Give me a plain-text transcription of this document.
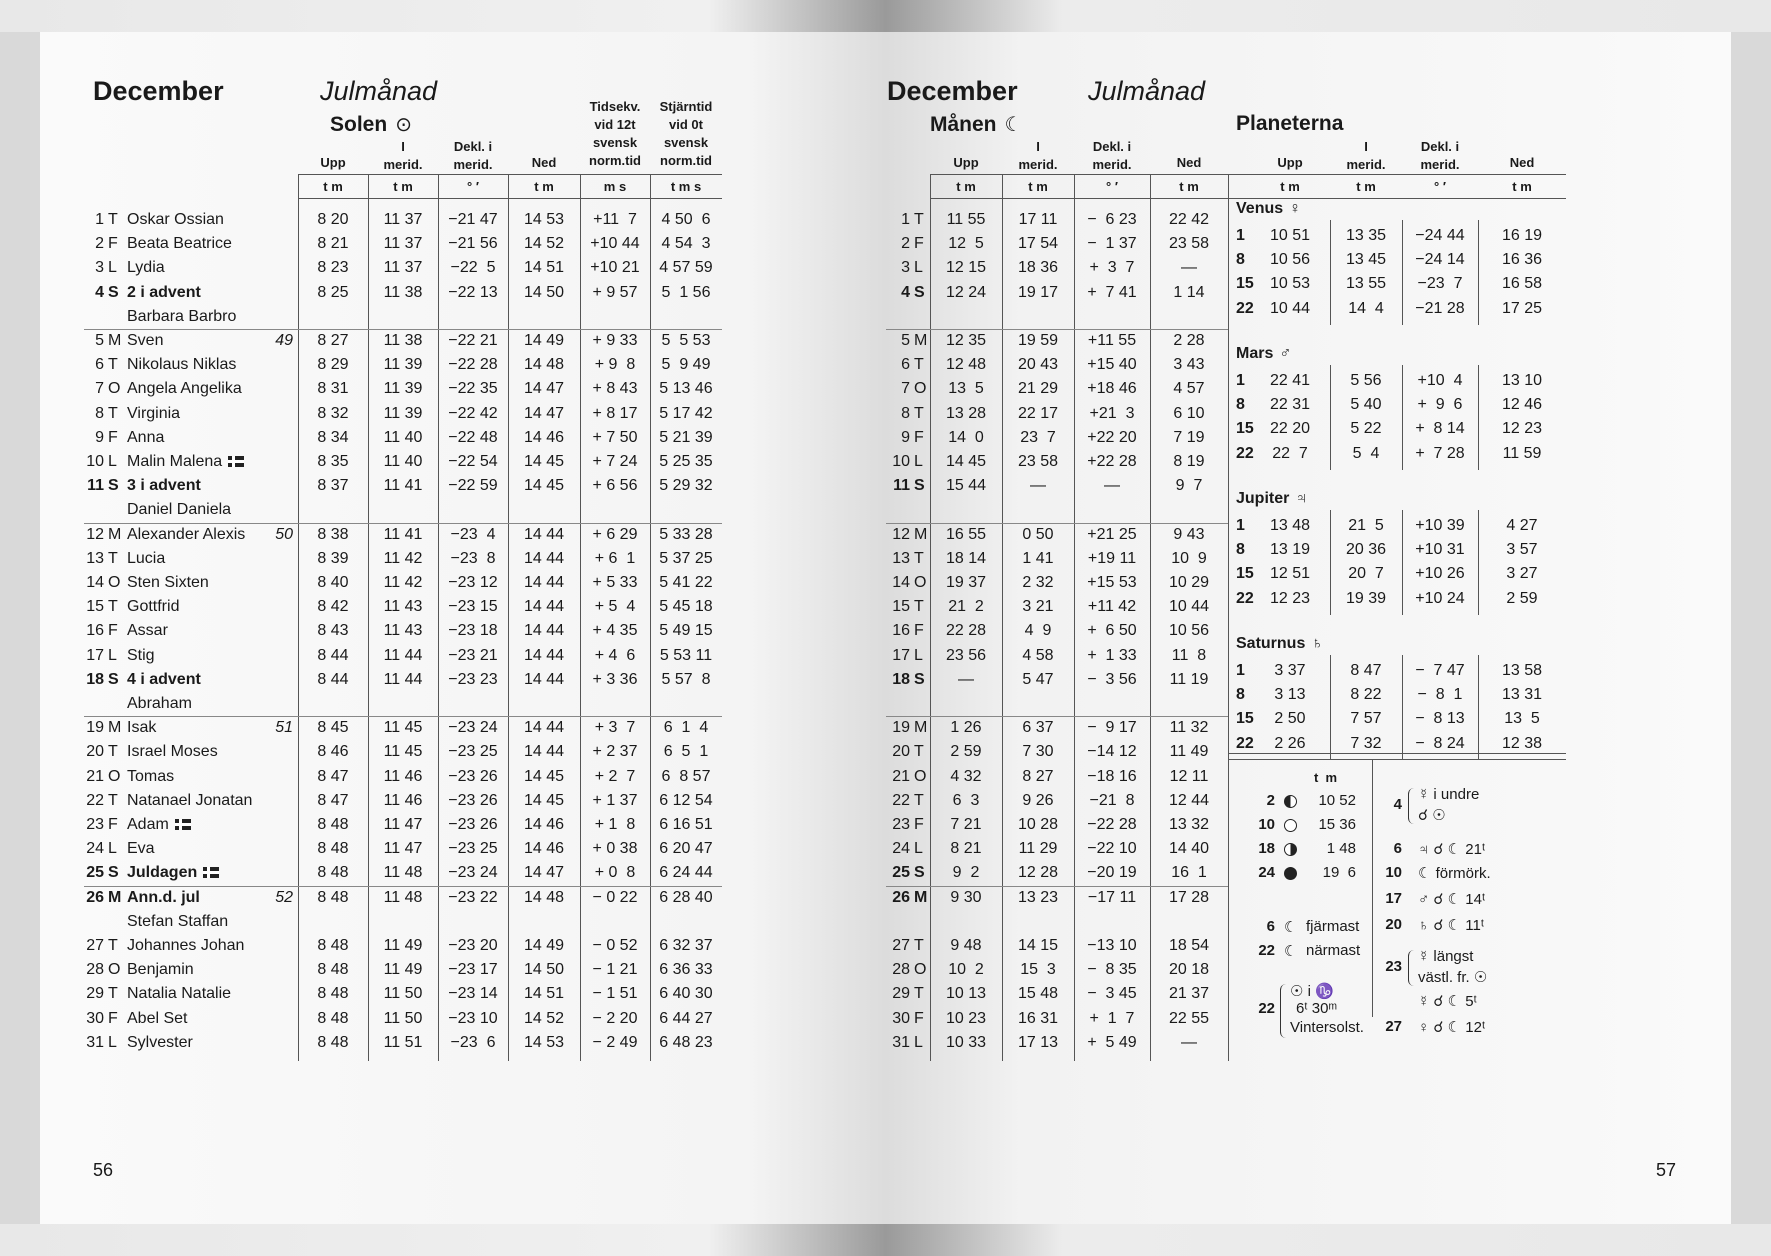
December	Julmånad
Solen ⊙
Upp
t m
I
merid.
t m
Dekl. i
merid.
° ′
Ned
t m
Tidsekv.
vid 12t
svensk
norm.tid
m s
Stjärntid
vid 0t
svensk
norm.tid
t m s
1 T Oskar Ossian	8 20	11 37	−21 47	14 53	+11  7	4 50  6
2 F Beata Beatrice	8 21	11 37	−21 56	14 52	+10 44	4 54  3
3 L Lydia	8 23	11 37	−22  5	14 51	+10 21	4 57 59
4 S 2 i advent	8 25	11 38	−22 13	14 50	+ 9 57	5  1 56
Barbara Barbro
5 M Sven	49	8 27	11 38	−22 21	14 49	+ 9 33	5  5 53
6 T Nikolaus Niklas	8 29	11 39	−22 28	14 48	+ 9  8	5  9 49
7 O Angela Angelika	8 31	11 39	−22 35	14 47	+ 8 43	5 13 46
8 T Virginia	8 32	11 39	−22 42	14 47	+ 8 17	5 17 42
9 F Anna	8 34	11 40	−22 48	14 46	+ 7 50	5 21 39
10 L Malin Malena	8 35	11 40	−22 54	14 45	+ 7 24	5 25 35
11 S 3 i advent	8 37	11 41	−22 59	14 45	+ 6 56	5 29 32
Daniel Daniela
12 M Alexander Alexis	50	8 38	11 41	−23  4	14 44	+ 6 29	5 33 28
13 T Lucia	8 39	11 42	−23  8	14 44	+ 6  1	5 37 25
14 O Sten Sixten	8 40	11 42	−23 12	14 44	+ 5 33	5 41 22
15 T Gottfrid	8 42	11 43	−23 15	14 44	+ 5  4	5 45 18
16 F Assar	8 43	11 43	−23 18	14 44	+ 4 35	5 49 15
17 L Stig	8 44	11 44	−23 21	14 44	+ 4  6	5 53 11
18 S 4 i advent	8 44	11 44	−23 23	14 44	+ 3 36	5 57  8
Abraham
19 M Isak	51	8 45	11 45	−23 24	14 44	+ 3  7	6  1  4
20 T Israel Moses	8 46	11 45	−23 25	14 44	+ 2 37	6  5  1
21 O Tomas	8 47	11 46	−23 26	14 45	+ 2  7	6  8 57
22 T Natanael Jonatan	8 47	11 46	−23 26	14 45	+ 1 37	6 12 54
23 F Adam	8 48	11 47	−23 26	14 46	+ 1  8	6 16 51
24 L Eva	8 48	11 47	−23 25	14 46	+ 0 38	6 20 47
25 S Juldagen	8 48	11 48	−23 24	14 47	+ 0  8	6 24 44
26 M Ann.d. jul	52	8 48	11 48	−23 22	14 48	− 0 22	6 28 40
Stefan Staffan
27 T Johannes Johan	8 48	11 49	−23 20	14 49	− 0 52	6 32 37
28 O Benjamin	8 48	11 49	−23 17	14 50	− 1 21	6 36 33
29 T Natalia Natalie	8 48	11 50	−23 14	14 51	− 1 51	6 40 30
30 F Abel Set	8 48	11 50	−23 10	14 52	− 2 20	6 44 27
31 L Sylvester	8 48	11 51	−23  6	14 53	− 2 49	6 48 23
56
December	Julmånad
Månen ☾	Planeterna
Upp
t m
I
merid.
t m
Dekl. i
merid.
° ′
Ned
t m
Upp
t m
I
merid.
t m
Dekl. i
merid.
° ′
Ned
t m
1 T	11 55	17 11	−  6 23	22 42
2 F	12  5	17 54	−  1 37	23 58
3 L	12 15	18 36	+  3  7	—
4 S	12 24	19 17	+  7 41	1 14
5 M	12 35	19 59	+11 55	2 28
6 T	12 48	20 43	+15 40	3 43
7 O	13  5	21 29	+18 46	4 57
8 T	13 28	22 17	+21  3	6 10
9 F	14  0	23  7	+22 20	7 19
10 L	14 45	23 58	+22 28	8 19
11 S	15 44	—	—	9  7
12 M	16 55	0 50	+21 25	9 43
13 T	18 14	1 41	+19 11	10  9
14 O	19 37	2 32	+15 53	10 29
15 T	21  2	3 21	+11 42	10 44
16 F	22 28	4  9	+  6 50	10 56
17 L	23 56	4 58	+  1 33	11  8
18 S	—	5 47	−  3 56	11 19
19 M	1 26	6 37	−  9 17	11 32
20 T	2 59	7 30	−14 12	11 49
21 O	4 32	8 27	−18 16	12 11
22 T	6  3	9 26	−21  8	12 44
23 F	7 21	10 28	−22 28	13 32
24 L	8 21	11 29	−22 10	14 40
25 S	9  2	12 28	−20 19	16  1
26 M	9 30	13 23	−17 11	17 28
27 T	9 48	14 15	−13 10	18 54
28 O	10  2	15  3	−  8 35	20 18
29 T	10 13	15 48	−  3 45	21 37
30 F	10 23	16 31	+  1  7	22 55
31 L	10 33	17 13	+  5 49	—
Venus ♀
1	10 51	13 35	−24 44	16 19
8	10 56	13 45	−24 14	16 36
15	10 53	13 55	−23  7	16 58
22	10 44	14  4	−21 28	17 25
Mars ♂
1	22 41	5 56	+10  4	13 10
8	22 31	5 40	+  9  6	12 46
15	22 20	5 22	+  8 14	12 23
22	22  7	5  4	+  7 28	11 59
Jupiter ♃
1	13 48	21  5	+10 39	4 27
8	13 19	20 36	+10 31	3 57
15	12 51	20  7	+10 26	3 27
22	12 23	19 39	+10 24	2 59
Saturnus ♄
1	3 37	8 47	−  7 47	13 58
8	3 13	8 22	−  8  1	13 31
15	2 50	7 57	−  8 13	13  5
22	2 26	7 32	−  8 24	12 38
t  m
2	10 52
10	15 36
18	1 48
24	19  6
6 ☾ fjärmast
22 ☾ närmast
22
☉ i ♑
6ᵗ 30ᵐ
Vintersolst.
4
☿ i undre
☌ ☉
6 ♃ ☌ ☾ 21ᵗ
10 ☾ förmörk.
17 ♂ ☌ ☾ 14ᵗ
20 ♄ ☌ ☾ 11ᵗ
23
☿ längst
västl. fr. ☉
☿ ☌ ☾ 5ᵗ
27 ♀ ☌ ☾ 12ᵗ
57
